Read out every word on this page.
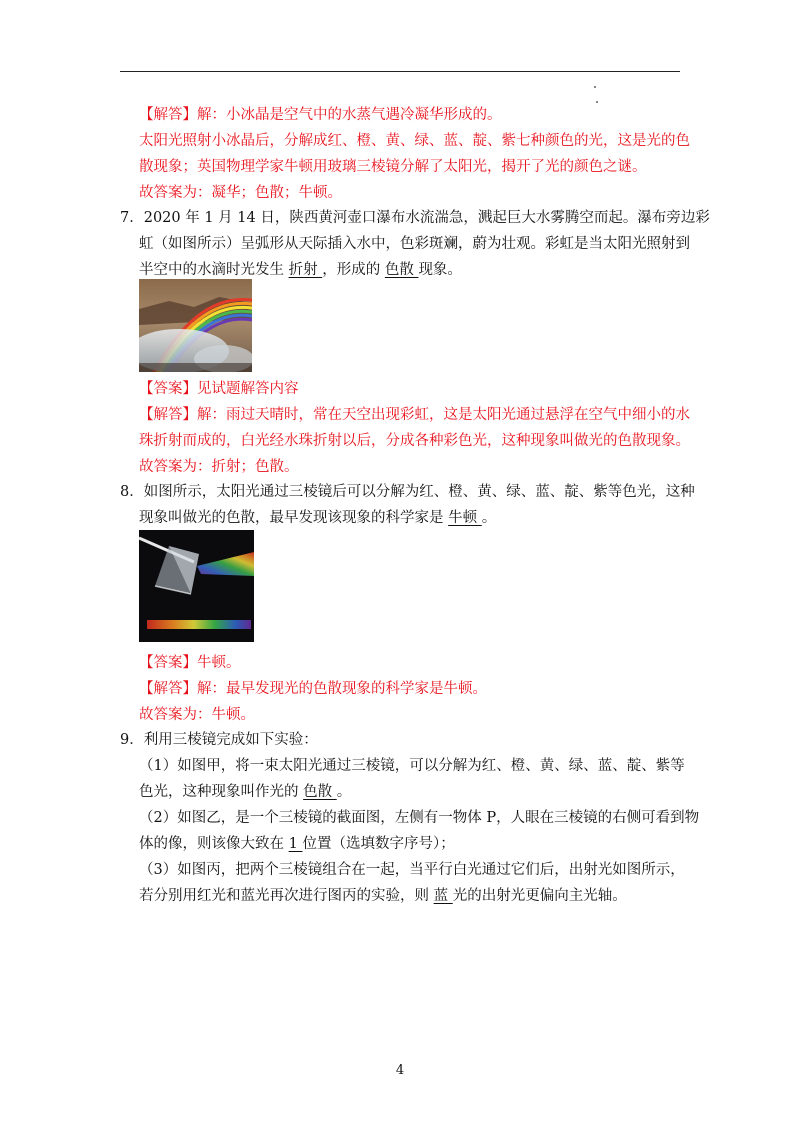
【解答】解：小冰晶是空气中的水蒸气遇冷凝华形成的。
太阳光照射小冰晶后，分解成红、橙、黄、绿、蓝、靛、紫七种颜色的光，这是光的色
散现象；英国物理学家牛顿用玻璃三棱镜分解了太阳光，揭开了光的颜色之谜。
故答案为：凝华；色散；牛顿。
7．2020 年 1 月 14 日，陕西黄河壶口瀑布水流湍急，溅起巨大水雾腾空而起。瀑布旁边彩
虹（如图所示）呈弧形从天际插入水中，色彩斑斓，蔚为壮观。彩虹是当太阳光照射到
半空中的水滴时光发生 折射 ，形成的 色散 现象。
【答案】见试题解答内容
【解答】解：雨过天晴时，常在天空出现彩虹，这是太阳光通过悬浮在空气中细小的水
珠折射而成的，白光经水珠折射以后，分成各种彩色光，这种现象叫做光的色散现象。
故答案为：折射；色散。
8．如图所示，太阳光通过三棱镜后可以分解为红、橙、黄、绿、蓝、靛、紫等色光，这种
现象叫做光的色散，最早发现该现象的科学家是 牛顿 。
【答案】牛顿。
【解答】解：最早发现光的色散现象的科学家是牛顿。
故答案为：牛顿。
9．利用三棱镜完成如下实验：
（1）如图甲，将一束太阳光通过三棱镜，可以分解为红、橙、黄、绿、蓝、靛、紫等
色光，这种现象叫作光的 色散 。
（2）如图乙，是一个三棱镜的截面图，左侧有一物体 P，人眼在三棱镜的右侧可看到物
体的像，则该像大致在 1 位置（选填数字序号）；
（3）如图丙，把两个三棱镜组合在一起，当平行白光通过它们后，出射光如图所示，
若分别用红光和蓝光再次进行图丙的实验，则 蓝 光的出射光更偏向主光轴。
4
